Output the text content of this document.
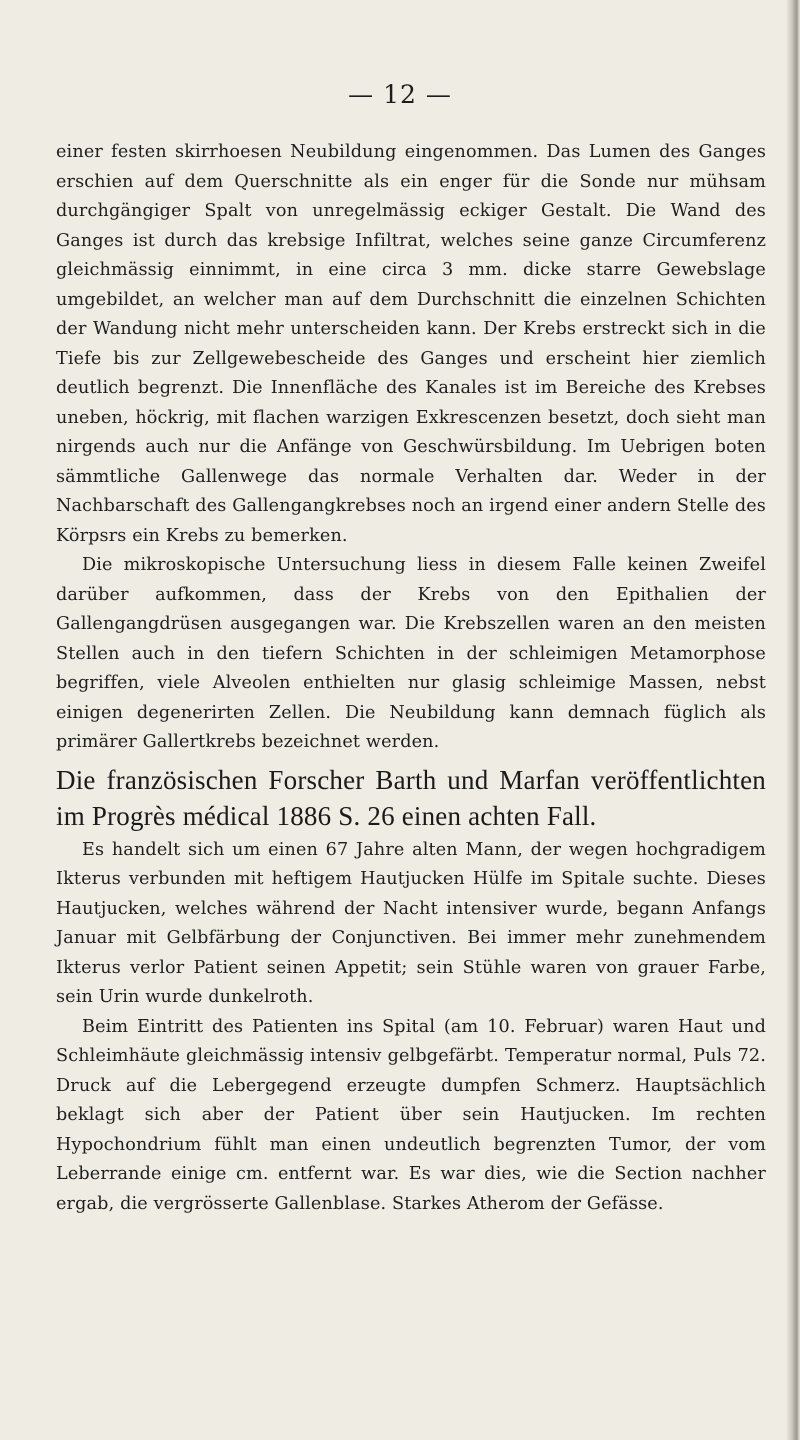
— 12 —

einer festen skirrhoesen Neubildung eingenommen. Das Lumen des Ganges erschien auf dem Querschnitte als ein enger für die Sonde nur mühsam durchgängiger Spalt von unregelmässig eckiger Gestalt. Die Wand des Ganges ist durch das krebsige Infiltrat, welches seine ganze Circumferenz gleichmässig einnimmt, in eine circa 3 mm. dicke starre Gewebslage umgebildet, an welcher man auf dem Durchschnitt die einzelnen Schichten der Wandung nicht mehr unterscheiden kann. Der Krebs erstreckt sich in die Tiefe bis zur Zellgewebescheide des Ganges und erscheint hier ziemlich deutlich begrenzt. Die Innenfläche des Kanales ist im Bereiche des Krebses uneben, höckrig, mit flachen warzigen Exkrescenzen besetzt, doch sieht man nirgends auch nur die Anfänge von Geschwürsbildung. Im Uebrigen boten sämmtliche Gallenwege das normale Verhalten dar. Weder in der Nachbarschaft des Gallengangkrebses noch an irgend einer andern Stelle des Körpsrs ein Krebs zu bemerken.

Die mikroskopische Untersuchung liess in diesem Falle keinen Zweifel darüber aufkommen, dass der Krebs von den Epithalien der Gallengangdrüsen ausgegangen war. Die Krebszellen waren an den meisten Stellen auch in den tiefern Schichten in der schleimigen Metamorphose begriffen, viele Alveolen enthielten nur glasig schleimige Massen, nebst einigen degenerirten Zellen. Die Neubildung kann demnach füglich als primärer Gallertkrebs bezeichnet werden.

Die französischen Forscher Barth und Marfan veröffentlichten im Progrès médical 1886 S. 26 einen achten Fall.

Es handelt sich um einen 67 Jahre alten Mann, der wegen hochgradigem Ikterus verbunden mit heftigem Hautjucken Hülfe im Spitale suchte. Dieses Hautjucken, welches während der Nacht intensiver wurde, begann Anfangs Januar mit Gelbfärbung der Conjunctiven. Bei immer mehr zunehmendem Ikterus verlor Patient seinen Appetit; sein Stühle waren von grauer Farbe, sein Urin wurde dunkelroth.

Beim Eintritt des Patienten ins Spital (am 10. Februar) waren Haut und Schleimhäute gleichmässig intensiv gelbgefärbt. Temperatur normal, Puls 72. Druck auf die Lebergegend erzeugte dumpfen Schmerz. Hauptsächlich beklagt sich aber der Patient über sein Hautjucken. Im rechten Hypochondrium fühlt man einen undeutlich begrenzten Tumor, der vom Leberrande einige cm. entfernt war. Es war dies, wie die Section nachher ergab, die vergrösserte Gallenblase. Starkes Atherom der Gefässe.
